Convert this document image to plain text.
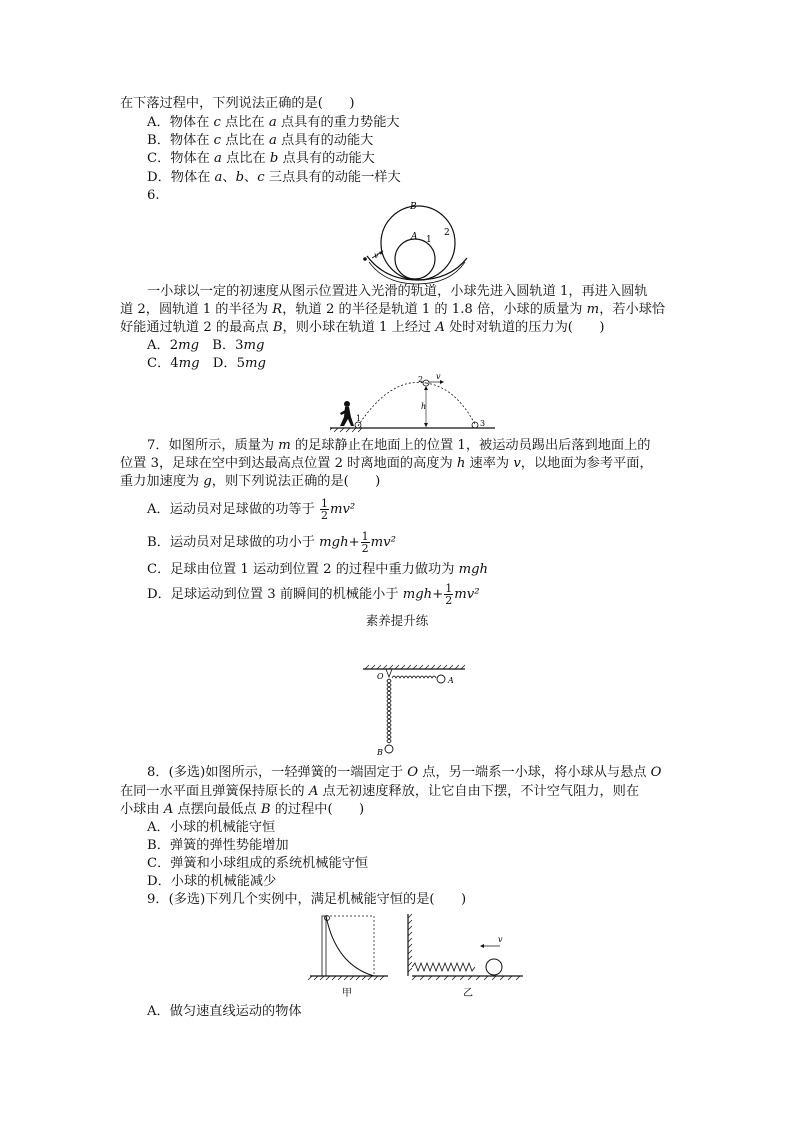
在下落过程中，下列说法正确的是(　　)
A．物体在 c 点比在 a 点具有的重力势能大
B．物体在 c 点比在 a 点具有的动能大
C．物体在 a 点比在 b 点具有的动能大
D．物体在 a、b、c 三点具有的动能一样大
6.
B
A 1
2
v
一小球以一定的初速度从图示位置进入光滑的轨道，小球先进入圆轨道 1，再进入圆轨
道 2，圆轨道 1 的半径为 R，轨道 2 的半径是轨道 1 的 1.8 倍，小球的质量为 m，若小球恰
好能通过轨道 2 的最高点 B，则小球在轨道 1 上经过 A 处时对轨道的压力为(　　)
A．2mg　B．3mg
C．4mg　D．5mg
1
2
3
h
v
7．如图所示，质量为 m 的足球静止在地面上的位置 1，被运动员踢出后落到地面上的
位置 3，足球在空中到达最高点位置 2 时离地面的高度为 h 速率为 v，以地面为参考平面，
重力加速度为 g，则下列说法正确的是(　　)
A．运动员对足球做的功等于 $\frac{1}{2} mv^2$
B．运动员对足球做的功小于 $mgh+ \frac{1}{2} mv^2$
C．足球由位置 1 运动到位置 2 的过程中重力做功为 mgh
D．足球运动到位置 3 前瞬间的机械能小于 $mgh+ \frac{1}{2} mv^2$
素养提升练
O	A
B
8．(多选)如图所示，一轻弹簧的一端固定于 O 点，另一端系一小球，将小球从与悬点 O
在同一水平面且弹簧保持原长的 A 点无初速度释放，让它自由下摆，不计空气阻力，则在
小球由 A 点摆向最低点 B 的过程中(　　)
A．小球的机械能守恒
B．弹簧的弹性势能增加
C．弹簧和小球组成的系统机械能守恒
D．小球的机械能减少
9．(多选)下列几个实例中，满足机械能守恒的是(　　)
甲
v
乙
A．做匀速直线运动的物体
